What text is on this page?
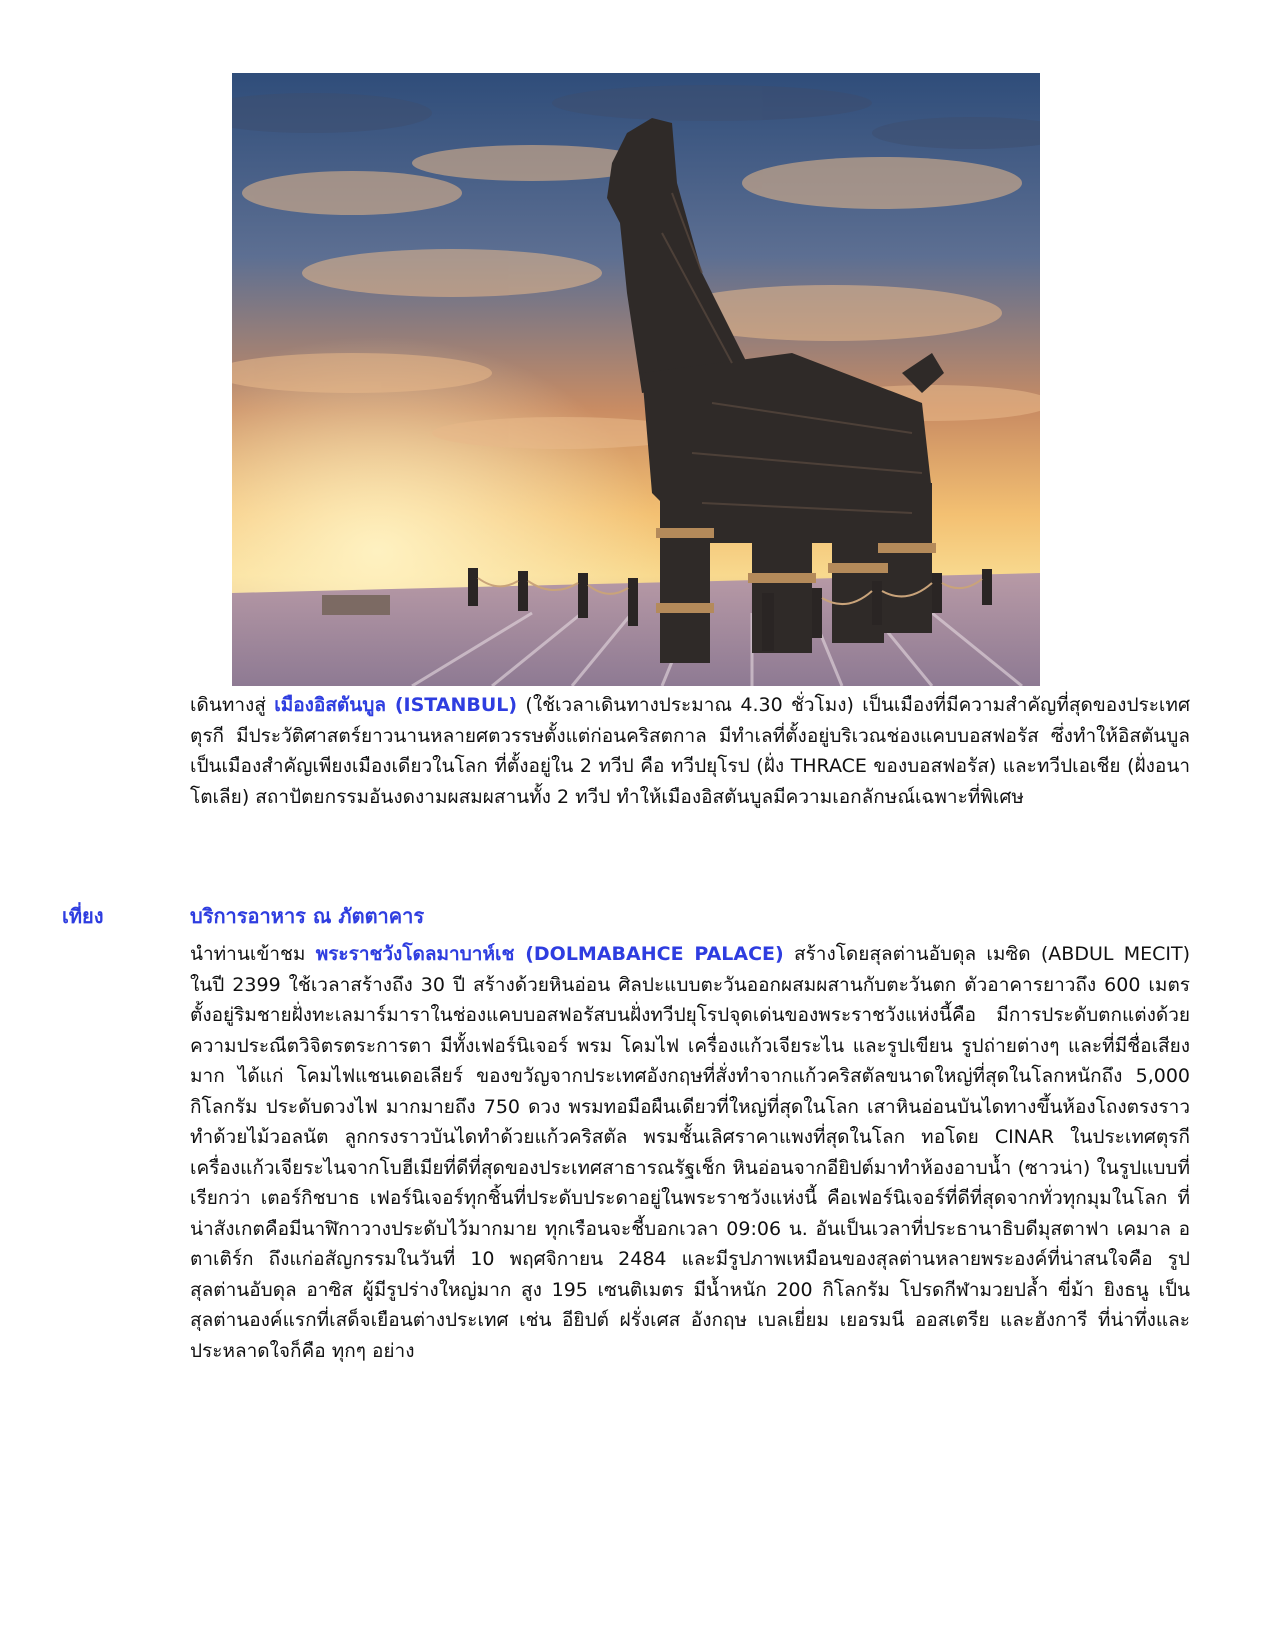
เดินทางสู่ เมืองอิสตันบูล (ISTANBUL) (ใช้เวลาเดินทางประมาณ 4.30 ชั่วโมง) เป็นเมืองที่มีความสำคัญที่สุดของประเทศตุรกี มีประวัติศาสตร์ยาวนานหลายศตวรรษตั้งแต่ก่อนคริสตกาล มีทำเลที่ตั้งอยู่บริเวณช่องแคบบอสฟอรัส ซึ่งทำให้อิสตันบูลเป็นเมืองสำคัญเพียงเมืองเดียวในโลก ที่ตั้งอยู่ใน 2 ทวีป คือ ทวีปยุโรป (ฝั่ง THRACE ของบอสฟอรัส) และทวีปเอเชีย (ฝั่งอนาโตเลีย) สถาปัตยกรรมอันงดงามผสมผสานทั้ง 2 ทวีป ทำให้เมืองอิสตันบูลมีความเอกลักษณ์เฉพาะที่พิเศษ
เที่ยง	บริการอาหาร ณ ภัตตาคาร
นำท่านเข้าชม พระราชวังโดลมาบาห์เช (DOLMABAHCE PALACE) สร้างโดยสุลต่านอับดุล เมซิด (ABDUL MECIT) ในปี 2399 ใช้เวลาสร้างถึง 30 ปี สร้างด้วยหินอ่อน ศิลปะแบบตะวันออกผสมผสานกับตะวันตก ตัวอาคารยาวถึง 600 เมตร ตั้งอยู่ริมชายฝั่งทะเลมาร์มาราในช่องแคบบอสฟอรัสบนฝั่งทวีปยุโรปจุดเด่นของพระราชวังแห่งนี้คือ มีการประดับตกแต่งด้วยความประณีตวิจิตรตระการตา มีทั้งเฟอร์นิเจอร์ พรม โคมไฟ เครื่องแก้วเจียระไน และรูปเขียน รูปถ่ายต่างๆ และที่มีชื่อเสียงมาก ได้แก่ โคมไฟแชนเดอเลียร์ ของขวัญจากประเทศอังกฤษที่สั่งทำจากแก้วคริสตัลขนาดใหญ่ที่สุดในโลกหนักถึง 5,000 กิโลกรัม ประดับดวงไฟ มากมายถึง 750 ดวง พรมทอมือผืนเดียวที่ใหญ่ที่สุดในโลก เสาหินอ่อนบันไดทางขึ้นห้องโถงตรงราวทำด้วยไม้วอลนัต ลูกกรงราวบันไดทำด้วยแก้วคริสตัล พรมชั้นเลิศราคาแพงที่สุดในโลก ทอโดย CINAR ในประเทศตุรกี เครื่องแก้วเจียระไนจากโบฮีเมียที่ดีที่สุดของประเทศสาธารณรัฐเช็ก หินอ่อนจากอียิปต์มาทำห้องอาบน้ำ (ซาวน่า) ในรูปแบบที่เรียกว่า เตอร์กิชบาธ เฟอร์นิเจอร์ทุกชิ้นที่ประดับประดาอยู่ในพระราชวังแห่งนี้ คือเฟอร์นิเจอร์ที่ดีที่สุดจากทั่วทุกมุมในโลก ที่น่าสังเกตคือมีนาฬิกาวางประดับไว้มากมาย ทุกเรือนจะชี้บอกเวลา 09:06 น. อันเป็นเวลาที่ประธานาธิบดีมุสตาฟา เคมาล อตาเติร์ก ถึงแก่อสัญกรรมในวันที่ 10 พฤศจิกายน 2484 และมีรูปภาพเหมือนของสุลต่านหลายพระองค์ที่น่าสนใจคือ รูปสุลต่านอับดุล อาซิส ผู้มีรูปร่างใหญ่มาก สูง 195 เซนติเมตร มีน้ำหนัก 200 กิโลกรัม โปรดกีฬามวยปล้ำ ขี่ม้า ยิงธนู เป็นสุลต่านองค์แรกที่เสด็จเยือนต่างประเทศ เช่น อียิปต์ ฝรั่งเศส อังกฤษ เบลเยี่ยม เยอรมนี ออสเตรีย และฮังการี ที่น่าทึ่งและประหลาดใจก็คือ ทุกๆ อย่าง
